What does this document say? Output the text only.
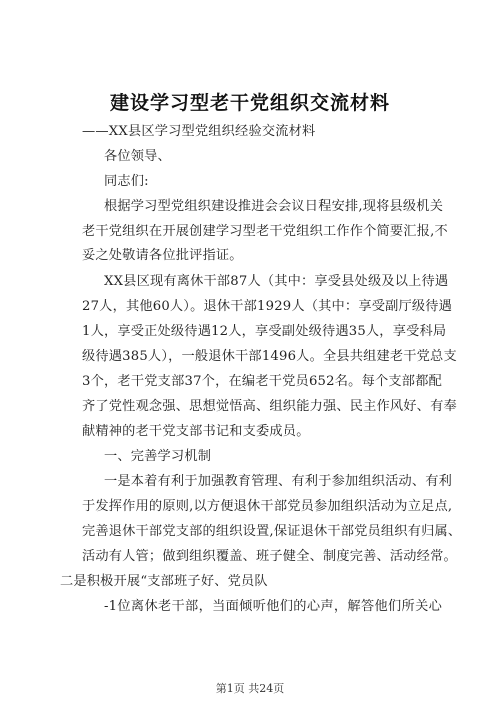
建设学习型老干党组织交流材料
——XX县区学习型党组织经验交流材料
各位领导、
同志们:
根据学习型党组织建设推进会会议日程安排,现将县级机关
老干党组织在开展创建学习型老干党组织工作作个简要汇报,不
妥之处敬请各位批评指证。
XX县区现有离休干部87人（其中：享受县处级及以上待遇
27人，其他60人）。退休干部1929人（其中：享受副厅级待遇
1人，享受正处级待遇12人，享受副处级待遇35人，享受科局
级待遇385人），一般退休干部1496人。全县共组建老干党总支
3个，老干党支部37个，在编老干党员652名。每个支部都配
齐了党性观念强、思想觉悟高、组织能力强、民主作风好、有奉
献精神的老干党支部书记和支委成员。
一、完善学习机制
一是本着有利于加强教育管理、有利于参加组织活动、有利
于发挥作用的原则,以方便退休干部党员参加组织活动为立足点,
完善退休干部党支部的组织设置,保证退休干部党员组织有归属、
活动有人管；做到组织覆盖、班子健全、制度完善、活动经常。
二是积极开展“支部班子好、党员队
-1位离休老干部，当面倾听他们的心声，解答他们所关心
第1页 共24页
